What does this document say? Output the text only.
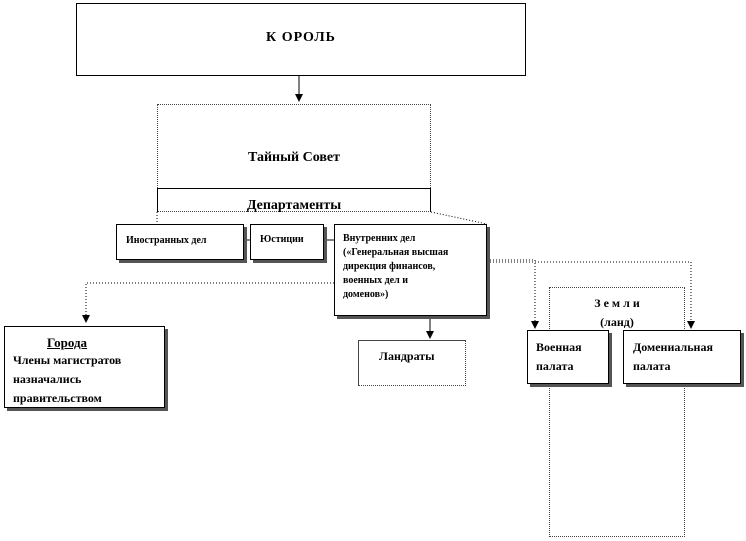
К ОРОЛЬ
Тайный Совет
Департаменты
Иностранных дел	Юстиции	Внутренних дел
(«Генеральная высшая
дирекция финансов,
военных дел и
доменов»)
Города
Члены магистратов
назначались
правительством
Ландраты
З е м л и
(ланд)
Военная
палата
Домениальная
палата
